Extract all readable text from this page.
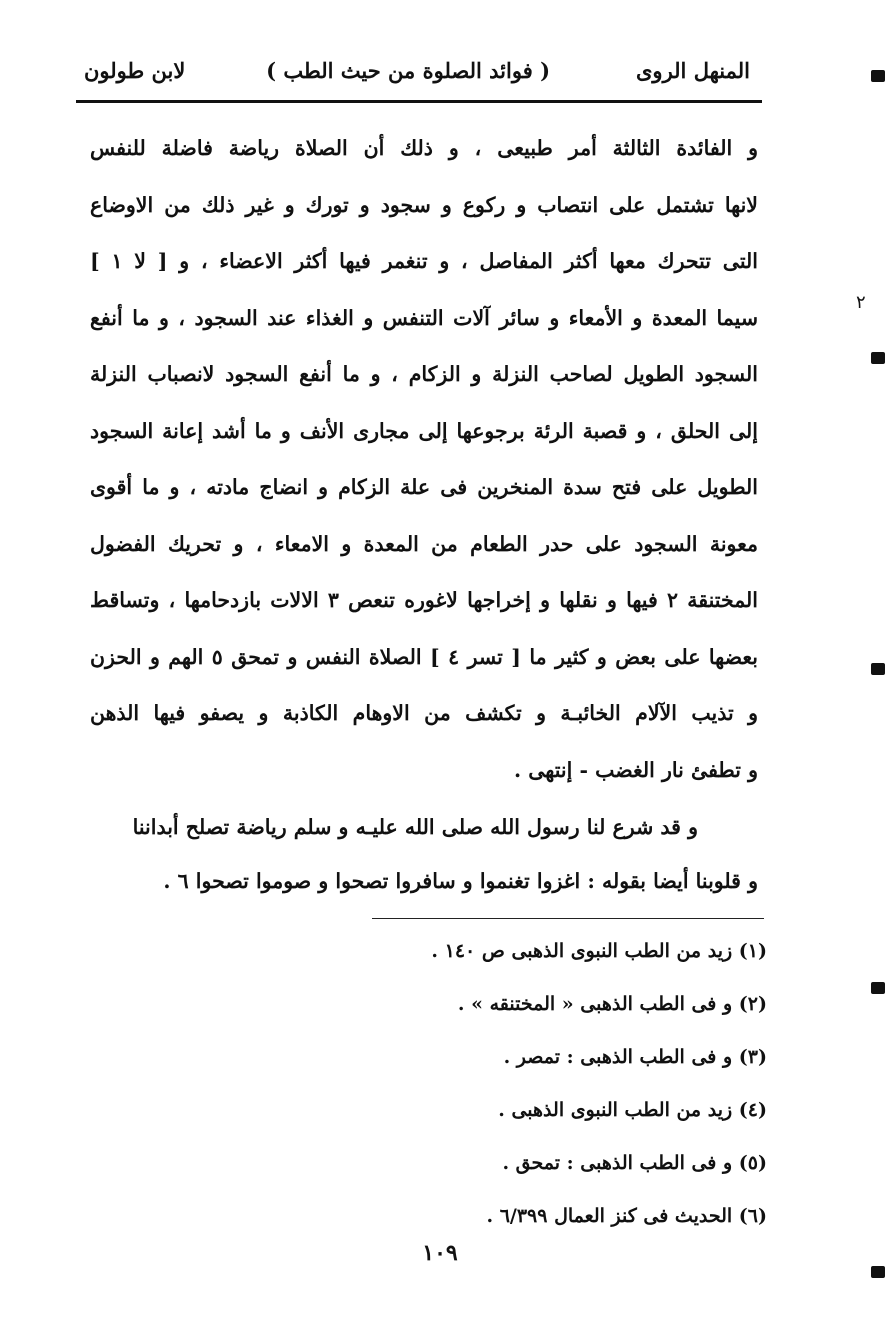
المنهل الروى
( فوائد الصلوة من حيث الطب )
لابن طولون
٢
و الفائدة الثالثة أمر طبيعى ، و ذلك أن الصلاة رياضة فاضلة للنفس
لانها تشتمل على انتصاب و ركوع و سجود و تورك و غير ذلك من الاوضاع
التى تتحرك معها أكثر المفاصل ، و تنغمر فيها أكثر الاعضاء ، و [ لا ١ ]
سيما المعدة و الأمعاء و سائر آلات التنفس و الغذاء عند السجود ، و ما أنفع
السجود الطويل لصاحب النزلة و الزكام ، و ما أنفع السجود لانصباب النزلة
إلى الحلق ، و قصبة الرئة برجوعها إلى مجارى الأنف و ما أشد إعانة السجود
الطويل على فتح سدة المنخرين فى علة الزكام و انضاج مادته ، و ما أقوى
معونة السجود على حدر الطعام من المعدة و الامعاء ، و تحريك الفضول
المختنقة ٢ فيها و نقلها و إخراجها لاغوره تنعص ٣ الالات بازدحامها ، وتساقط
بعضها على بعض و كثير ما [ تسر ٤ ] الصلاة النفس و تمحق ٥ الهم و الحزن
و تذيب الآلام الخائبـة و تكشف من الاوهام الكاذبة و يصفو فيها الذهن
و تطفئ نار الغضب - إنتهى .
و قد شرع لنا رسول الله صلى الله عليـه و سلم رياضة تصلح أبداننا
و قلوبنا أيضا بقوله : اغزوا تغنموا و سافروا تصحوا و صوموا تصحوا ٦ .
(١) زيد من الطب النبوى الذهبى ص ١٤٠ .
(٢) و فى الطب الذهبى « المختنقه » .
(٣) و فى الطب الذهبى : تمصر .
(٤) زيد من الطب النبوى الذهبى .
(٥) و فى الطب الذهبى : تمحق .
(٦) الحديث فى كنز العمال ٦/٣٩٩ .
١٠٩
